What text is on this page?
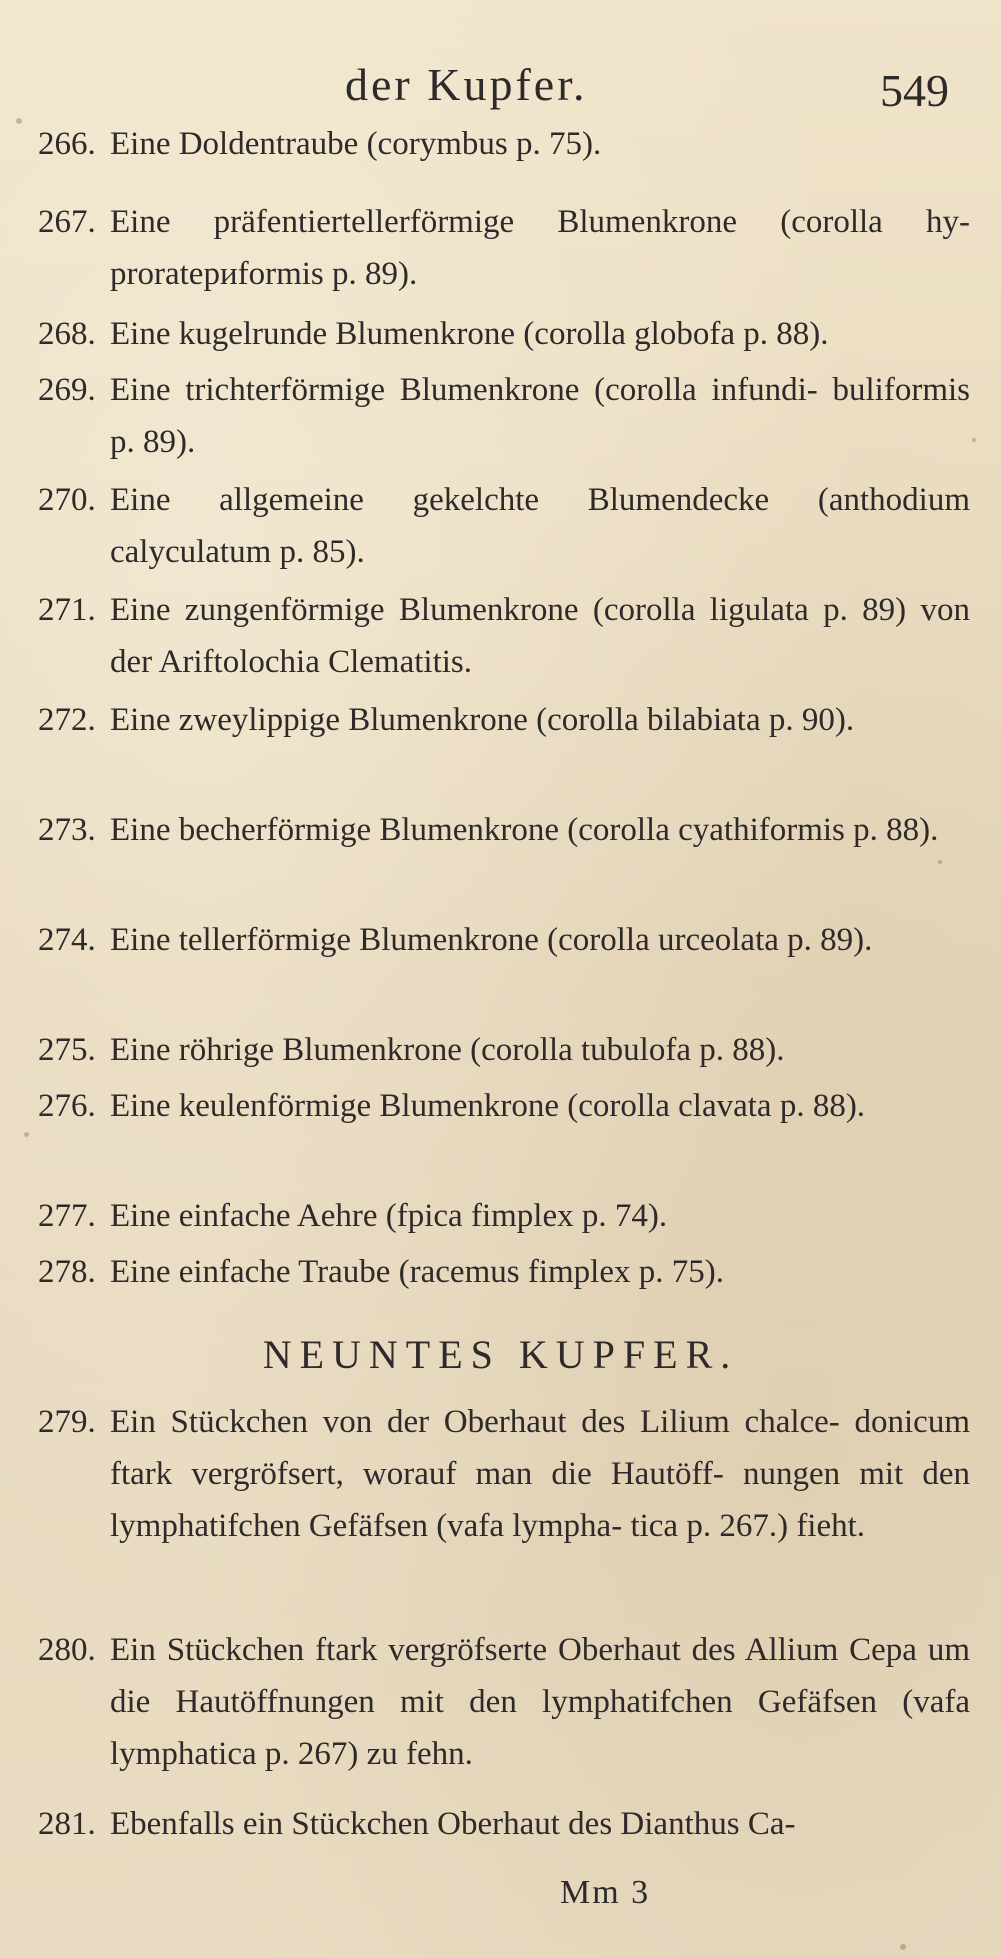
der Kupfer.	549
266. Eine Doldentraube (corymbus p. 75).
267. Eine präfentiertellerförmige Blumenkrone (corolla hy- proratериformis p. 89).
268. Eine kugelrunde Blumenkrone (corolla globofa p. 88).
269. Eine trichterförmige Blumenkrone (corolla infundi- buliformis p. 89).
270. Eine allgemeine gekelchte Blumendecke (anthodium calyculatum p. 85).
271. Eine zungenförmige Blumenkrone (corolla ligulata p. 89) von der Ariftolochia Clematitis.
272. Eine zweylippige Blumenkrone (corolla bilabiata p. 90).
273. Eine becherförmige Blumenkrone (corolla cyathiformis p. 88).
274. Eine tellerförmige Blumenkrone (corolla urceolata p. 89).
275. Eine röhrige Blumenkrone (corolla tubulofa p. 88).
276. Eine keulenförmige Blumenkrone (corolla clavata p. 88).
277. Eine einfache Aehre (fpica fimplex p. 74).
278. Eine einfache Traube (racemus fimplex p. 75).
NEUNTES KUPFER.
279. Ein Stückchen von der Oberhaut des Lilium chalce- donicum ftark vergröfsert, worauf man die Hautöff- nungen mit den lymphatifchen Gefäfsen (vafa lympha- tica p. 267.) fieht.
280. Ein Stückchen ftark vergröfserte Oberhaut des Allium Cepa um die Hautöffnungen mit den lymphatifchen Gefäfsen (vafa lymphatica p. 267) zu fehn.
281. Ebenfalls ein Stückchen Oberhaut des Dianthus Ca-
Mm 3
